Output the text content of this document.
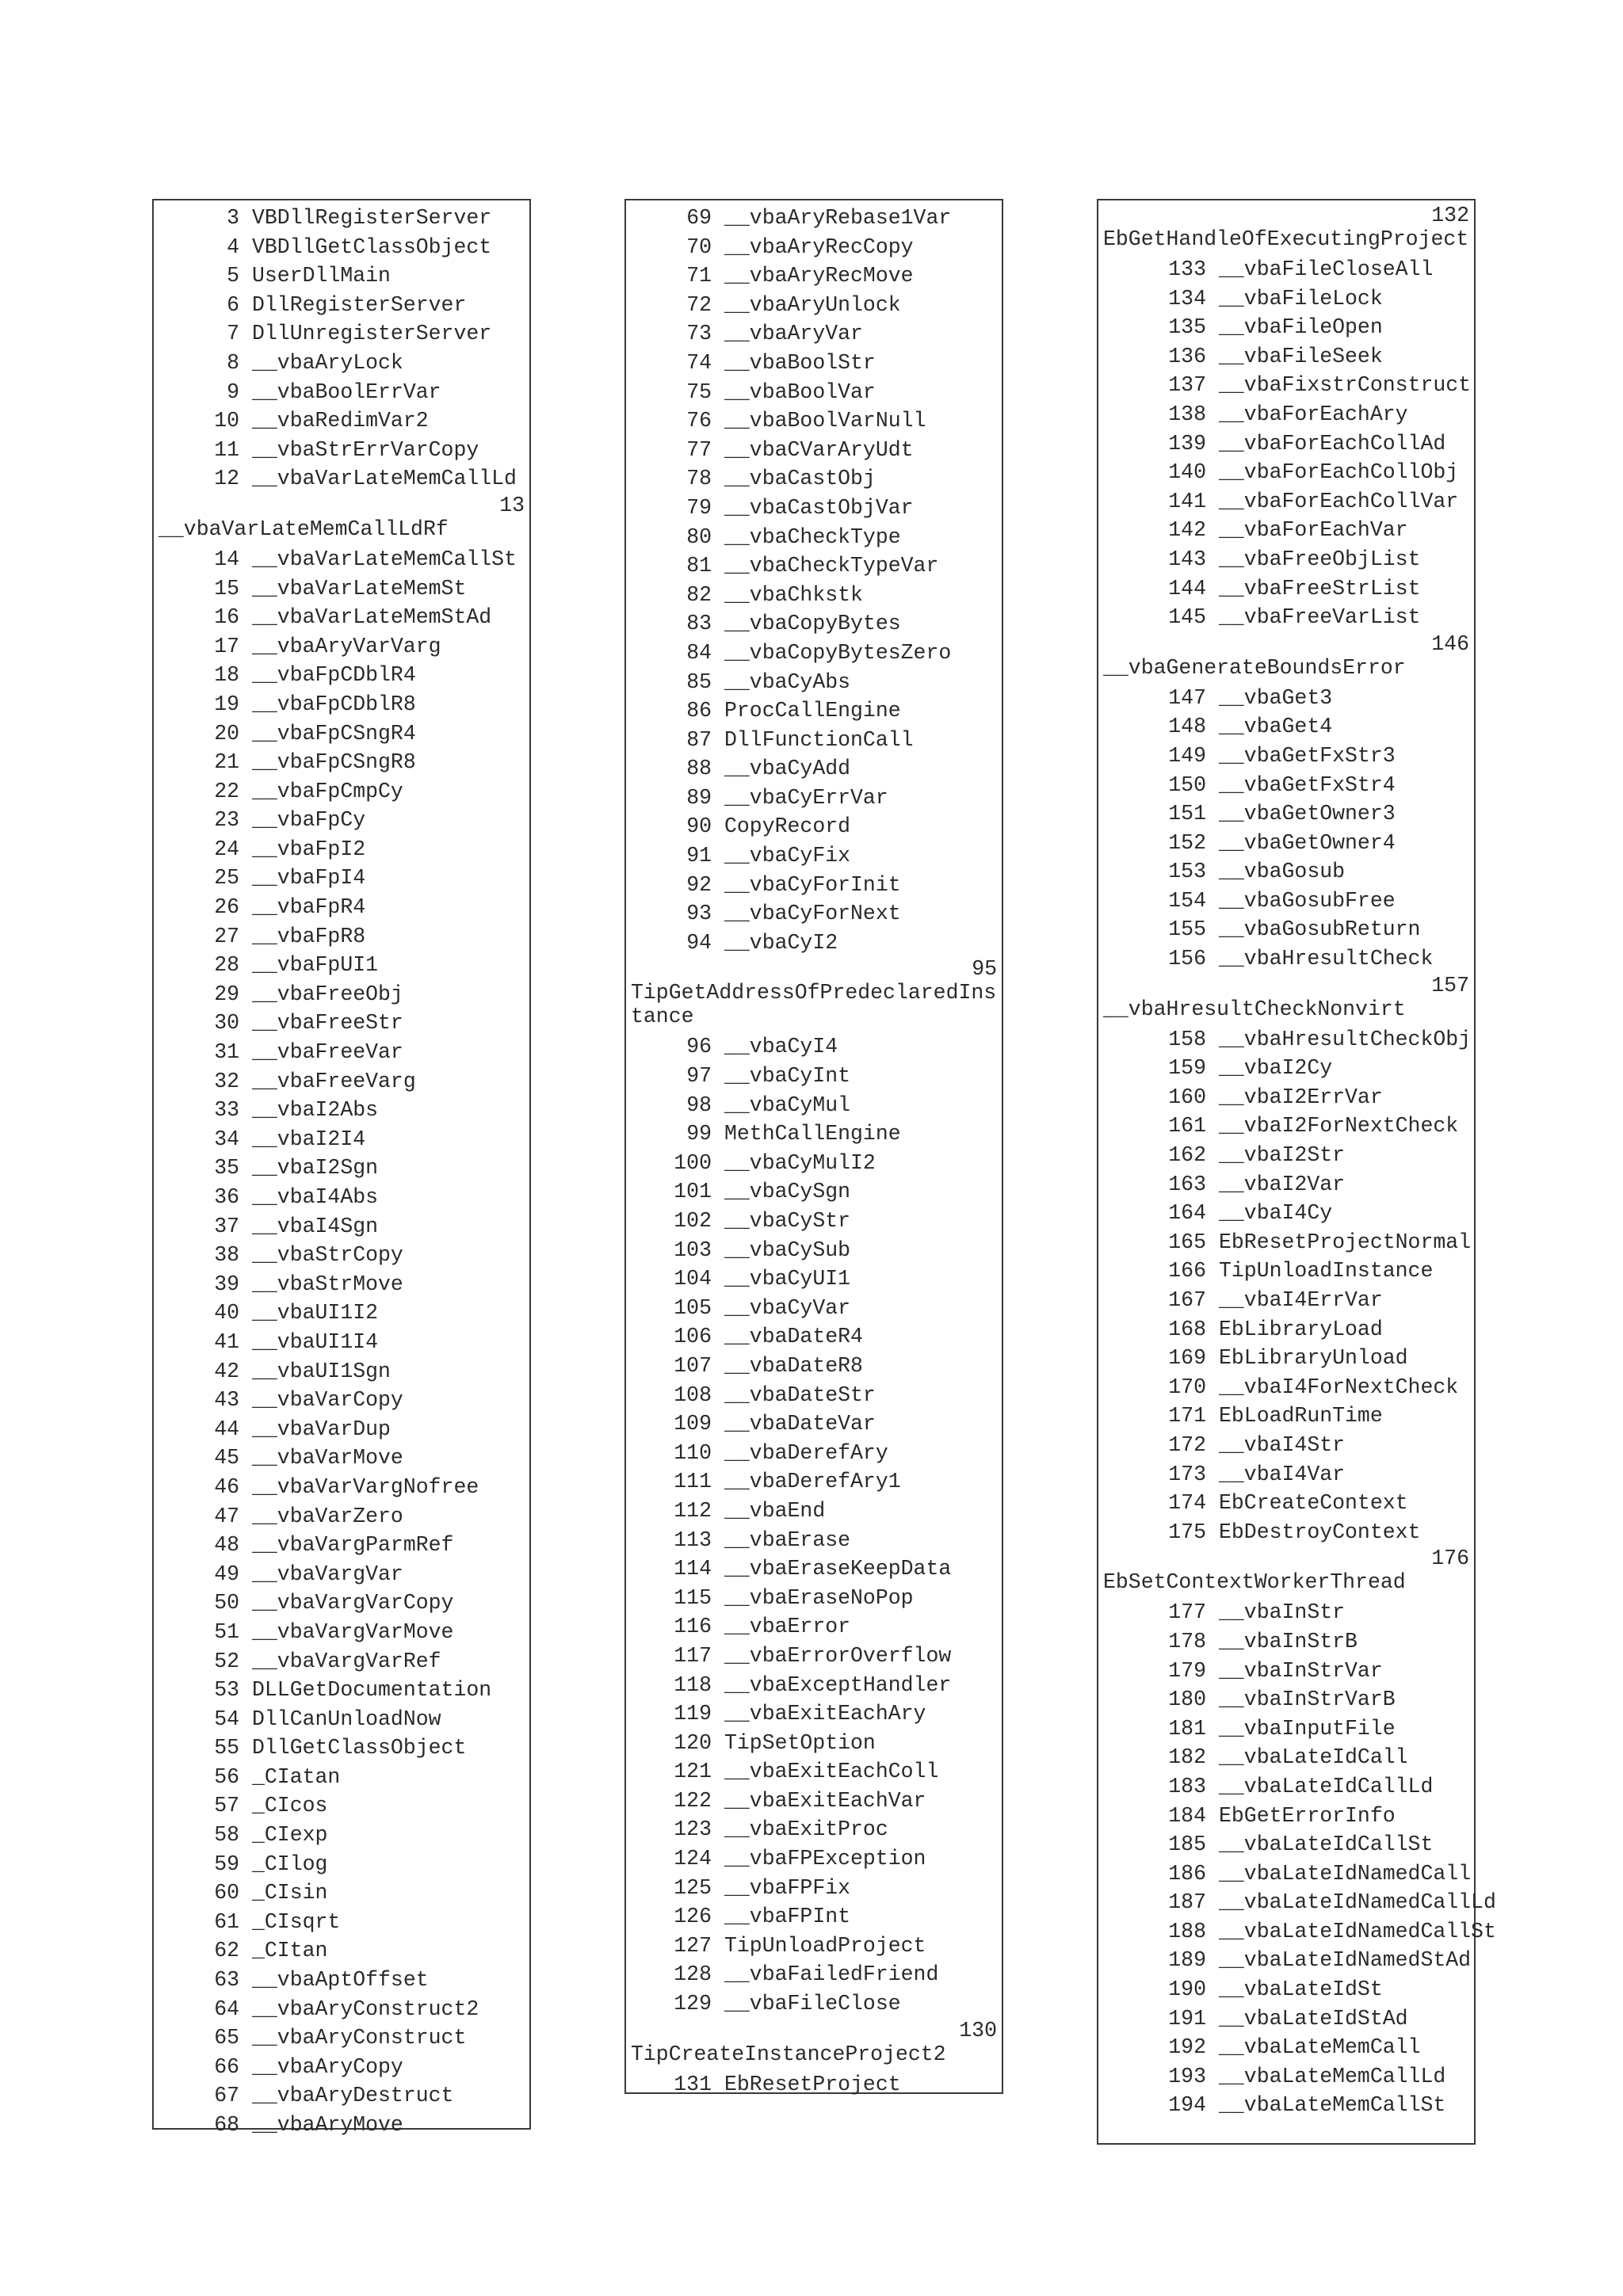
3 VBDllRegisterServer
4 VBDllGetClassObject
5 UserDllMain
6 DllRegisterServer
7 DllUnregisterServer
8 __vbaAryLock
9 __vbaBoolErrVar
10 __vbaRedimVar2
11 __vbaStrErrVarCopy
12 __vbaVarLateMemCallLd
13
__vbaVarLateMemCallLdRf
14 __vbaVarLateMemCallSt
15 __vbaVarLateMemSt
16 __vbaVarLateMemStAd
17 __vbaAryVarVarg
18 __vbaFpCDblR4
19 __vbaFpCDblR8
20 __vbaFpCSngR4
21 __vbaFpCSngR8
22 __vbaFpCmpCy
23 __vbaFpCy
24 __vbaFpI2
25 __vbaFpI4
26 __vbaFpR4
27 __vbaFpR8
28 __vbaFpUI1
29 __vbaFreeObj
30 __vbaFreeStr
31 __vbaFreeVar
32 __vbaFreeVarg
33 __vbaI2Abs
34 __vbaI2I4
35 __vbaI2Sgn
36 __vbaI4Abs
37 __vbaI4Sgn
38 __vbaStrCopy
39 __vbaStrMove
40 __vbaUI1I2
41 __vbaUI1I4
42 __vbaUI1Sgn
43 __vbaVarCopy
44 __vbaVarDup
45 __vbaVarMove
46 __vbaVarVargNofree
47 __vbaVarZero
48 __vbaVargParmRef
49 __vbaVargVar
50 __vbaVargVarCopy
51 __vbaVargVarMove
52 __vbaVargVarRef
53 DLLGetDocumentation
54 DllCanUnloadNow
55 DllGetClassObject
56 _CIatan
57 _CIcos
58 _CIexp
59 _CIlog
60 _CIsin
61 _CIsqrt
62 _CItan
63 __vbaAptOffset
64 __vbaAryConstruct2
65 __vbaAryConstruct
66 __vbaAryCopy
67 __vbaAryDestruct
68 __vbaAryMove
69 __vbaAryRebase1Var
70 __vbaAryRecCopy
71 __vbaAryRecMove
72 __vbaAryUnlock
73 __vbaAryVar
74 __vbaBoolStr
75 __vbaBoolVar
76 __vbaBoolVarNull
77 __vbaCVarAryUdt
78 __vbaCastObj
79 __vbaCastObjVar
80 __vbaCheckType
81 __vbaCheckTypeVar
82 __vbaChkstk
83 __vbaCopyBytes
84 __vbaCopyBytesZero
85 __vbaCyAbs
86 ProcCallEngine
87 DllFunctionCall
88 __vbaCyAdd
89 __vbaCyErrVar
90 CopyRecord
91 __vbaCyFix
92 __vbaCyForInit
93 __vbaCyForNext
94 __vbaCyI2
95
TipGetAddressOfPredeclaredInstance
96 __vbaCyI4
97 __vbaCyInt
98 __vbaCyMul
99 MethCallEngine
100 __vbaCyMulI2
101 __vbaCySgn
102 __vbaCyStr
103 __vbaCySub
104 __vbaCyUI1
105 __vbaCyVar
106 __vbaDateR4
107 __vbaDateR8
108 __vbaDateStr
109 __vbaDateVar
110 __vbaDerefAry
111 __vbaDerefAry1
112 __vbaEnd
113 __vbaErase
114 __vbaEraseKeepData
115 __vbaEraseNoPop
116 __vbaError
117 __vbaErrorOverflow
118 __vbaExceptHandler
119 __vbaExitEachAry
120 TipSetOption
121 __vbaExitEachColl
122 __vbaExitEachVar
123 __vbaExitProc
124 __vbaFPException
125 __vbaFPFix
126 __vbaFPInt
127 TipUnloadProject
128 __vbaFailedFriend
129 __vbaFileClose
130
TipCreateInstanceProject2
131 EbResetProject
132
EbGetHandleOfExecutingProject
133 __vbaFileCloseAll
134 __vbaFileLock
135 __vbaFileOpen
136 __vbaFileSeek
137 __vbaFixstrConstruct
138 __vbaForEachAry
139 __vbaForEachCollAd
140 __vbaForEachCollObj
141 __vbaForEachCollVar
142 __vbaForEachVar
143 __vbaFreeObjList
144 __vbaFreeStrList
145 __vbaFreeVarList
146
__vbaGenerateBoundsError
147 __vbaGet3
148 __vbaGet4
149 __vbaGetFxStr3
150 __vbaGetFxStr4
151 __vbaGetOwner3
152 __vbaGetOwner4
153 __vbaGosub
154 __vbaGosubFree
155 __vbaGosubReturn
156 __vbaHresultCheck
157
__vbaHresultCheckNonvirt
158 __vbaHresultCheckObj
159 __vbaI2Cy
160 __vbaI2ErrVar
161 __vbaI2ForNextCheck
162 __vbaI2Str
163 __vbaI2Var
164 __vbaI4Cy
165 EbResetProjectNormal
166 TipUnloadInstance
167 __vbaI4ErrVar
168 EbLibraryLoad
169 EbLibraryUnload
170 __vbaI4ForNextCheck
171 EbLoadRunTime
172 __vbaI4Str
173 __vbaI4Var
174 EbCreateContext
175 EbDestroyContext
176
EbSetContextWorkerThread
177 __vbaInStr
178 __vbaInStrB
179 __vbaInStrVar
180 __vbaInStrVarB
181 __vbaInputFile
182 __vbaLateIdCall
183 __vbaLateIdCallLd
184 EbGetErrorInfo
185 __vbaLateIdCallSt
186 __vbaLateIdNamedCall
187 __vbaLateIdNamedCallLd
188 __vbaLateIdNamedCallSt
189 __vbaLateIdNamedStAd
190 __vbaLateIdSt
191 __vbaLateIdStAd
192 __vbaLateMemCall
193 __vbaLateMemCallLd
194 __vbaLateMemCallSt
